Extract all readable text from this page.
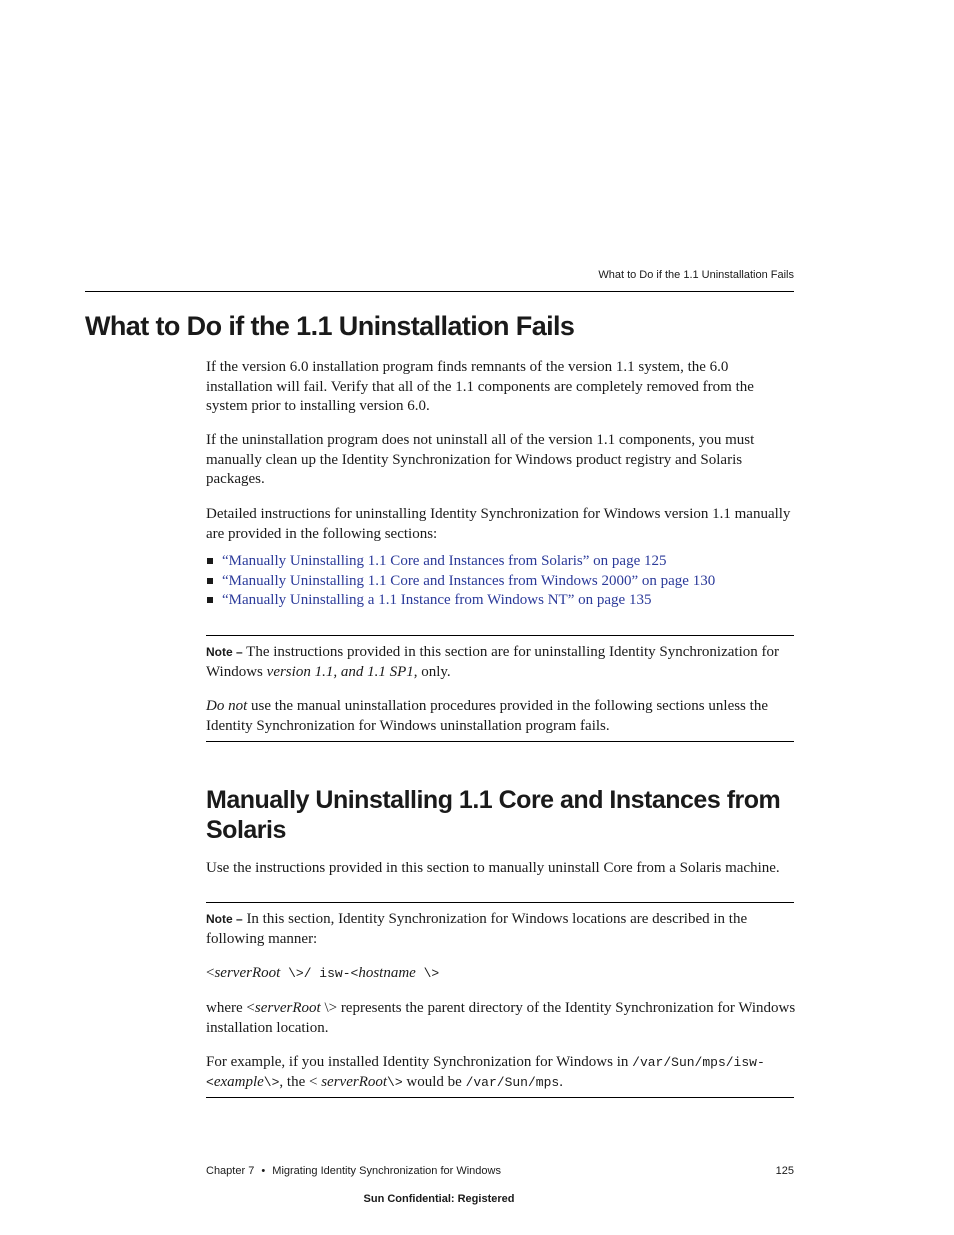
What to Do if the 1.1 Uninstallation Fails
What to Do if the 1.1 Uninstallation Fails

If the version 6.0 installation program finds remnants of the version 1.1 system, the 6.0 installation will fail. Verify that all of the 1.1 components are completely removed from the system prior to installing version 6.0.

If the uninstallation program does not uninstall all of the version 1.1 components, you must manually clean up the Identity Synchronization for Windows product registry and Solaris packages.

Detailed instructions for uninstalling Identity Synchronization for Windows version 1.1 manually are provided in the following sections:

“Manually Uninstalling 1.1 Core and Instances from Solaris” on page 125
“Manually Uninstalling 1.1 Core and Instances from Windows 2000” on page 130
“Manually Uninstalling a 1.1 Instance from Windows NT” on page 135

Note – The instructions provided in this section are for uninstalling Identity Synchronization for Windows version 1.1, and 1.1 SP1, only.

Do not use the manual uninstallation procedures provided in the following sections unless the Identity Synchronization for Windows uninstallation program fails.

Manually Uninstalling 1.1 Core and Instances from Solaris

Use the instructions provided in this section to manually uninstall Core from a Solaris machine.

Note – In this section, Identity Synchronization for Windows locations are described in the following manner:

<serverRoot \>/ isw-<hostname \>

where <serverRoot \> represents the parent directory of the Identity Synchronization for Windows installation location.

For example, if you installed Identity Synchronization for Windows in /var/Sun/mps/isw-<example\>, the < serverRoot\> would be /var/Sun/mps.

Chapter 7 • Migrating Identity Synchronization for Windows	125
Sun Confidential: Registered
